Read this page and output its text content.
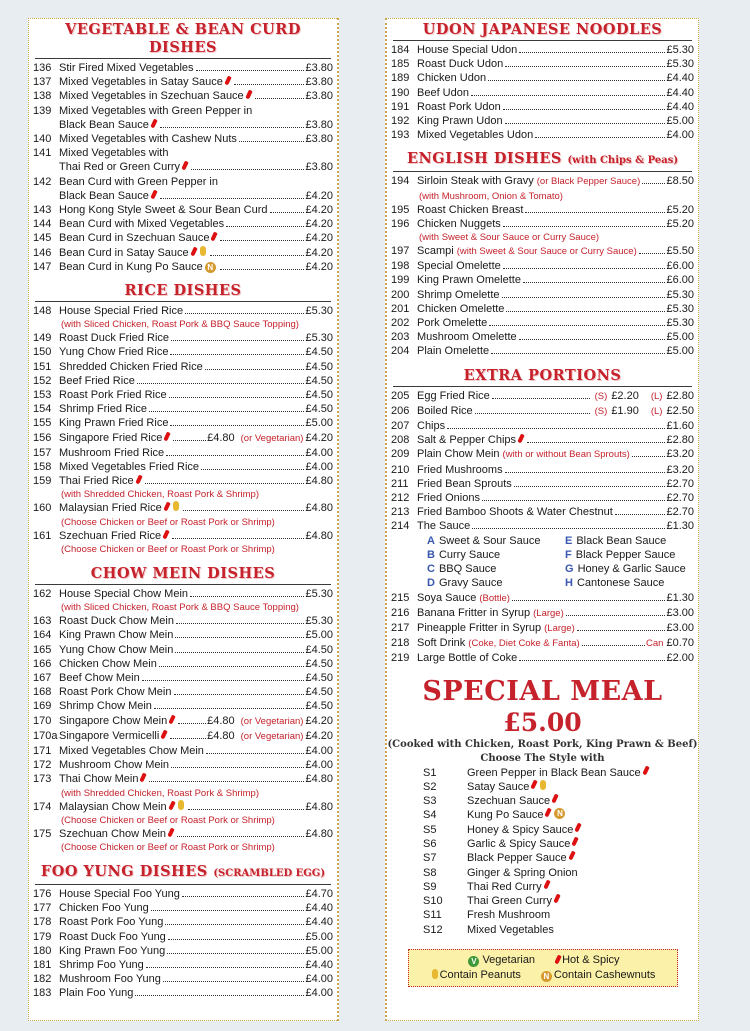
VEGETABLE & BEAN CURD DISHES
136 Stir Fired Mixed Vegetables	£3.80
137 Mixed Vegetables in Satay Sauce	£3.80
138 Mixed Vegetables in Szechuan Sauce	£3.80
139 Mixed Vegetables with Green Pepper in
Black Bean Sauce	£3.80
140 Mixed Vegetables with Cashew Nuts	£3.80
141 Mixed Vegetables with
Thai Red or Green Curry	£3.80
142 Bean Curd with Green Pepper in
Black Bean Sauce	£4.20
143 Hong Kong Style Sweet & Sour Bean Curd	£4.20
144 Bean Curd with Mixed Vegetables	£4.20
145 Bean Curd in Szechuan Sauce	£4.20
146 Bean Curd in Satay Sauce	£4.20
147 Bean Curd in Kung Po Sauce N	£4.20
RICE DISHES
148 House Special Fried Rice	£5.30
(with Sliced Chicken, Roast Pork & BBQ Sauce Topping)
149 Roast Duck Fried Rice	£5.30
150 Yung Chow Fried Rice	£4.50
151 Shredded Chicken Fried Rice	£4.50
152 Beef Fried Rice	£4.50
153 Roast Pork Fried Rice	£4.50
154 Shrimp Fried Rice	£4.50
155 King Prawn Fried Rice	£5.00
156 Singapore Fried Rice	£4.80 (or Vegetarian) £4.20
157 Mushroom Fried Rice	£4.00
158 Mixed Vegetables Fried Rice	£4.00
159 Thai Fried Rice	£4.80
(with Shredded Chicken, Roast Pork & Shrimp)
160 Malaysian Fried Rice	£4.80
(Choose Chicken or Beef or Roast Pork or Shrimp)
161 Szechuan Fried Rice	£4.80
(Choose Chicken or Beef or Roast Pork or Shrimp)
CHOW MEIN DISHES
162 House Special Chow Mein	£5.30
(with Sliced Chicken, Roast Pork & BBQ Sauce Topping)
163 Roast Duck Chow Mein	£5.30
164 King Prawn Chow Mein	£5.00
165 Yung Chow Chow Mein	£4.50
166 Chicken Chow Mein	£4.50
167 Beef Chow Mein	£4.50
168 Roast Pork Chow Mein	£4.50
169 Shrimp Chow Mein	£4.50
170 Singapore Chow Mein	£4.80 (or Vegetarian) £4.20
170a Singapore Vermicelli	£4.80 (or Vegetarian) £4.20
171 Mixed Vegetables Chow Mein	£4.00
172 Mushroom Chow Mein	£4.00
173 Thai Chow Mein	£4.80
(with Shredded Chicken, Roast Pork & Shrimp)
174 Malaysian Chow Mein	£4.80
(Choose Chicken or Beef or Roast Pork or Shrimp)
175 Szechuan Chow Mein	£4.80
(Choose Chicken or Beef or Roast Pork or Shrimp)
FOO YUNG DISHES (SCRAMBLED EGG)
176 House Special Foo Yung	£4.70
177 Chicken Foo Yung	£4.40
178 Roast Pork Foo Yung	£4.40
179 Roast Duck Foo Yung	£5.00
180 King Prawn Foo Yung	£5.00
181 Shrimp Foo Yung	£4.40
182 Mushroom Foo Yung	£4.00
183 Plain Foo Yung	£4.00
UDON JAPANESE NOODLES
184 House Special Udon	£5.30
185 Roast Duck Udon	£5.30
189 Chicken Udon	£4.40
190 Beef Udon	£4.40
191 Roast Pork Udon	£4.40
192 King Prawn Udon	£5.00
193 Mixed Vegetables Udon	£4.00
ENGLISH DISHES (with Chips & Peas)
194 Sirloin Steak with Gravy (or Black Pepper Sauce) £8.50
(with Mushroom, Onion & Tomato)
195 Roast Chicken Breast	£5.20
196 Chicken Nuggets	£5.20
(with Sweet & Sour Sauce or Curry Sauce)
197 Scampi (with Sweet & Sour Sauce or Curry Sauce)	£5.50
198 Special Omelette	£6.00
199 King Prawn Omelette	£6.00
200 Shrimp Omelette	£5.30
201 Chicken Omelette	£5.30
202 Pork Omelette	£5.30
203 Mushroom Omelette	£5.00
204 Plain Omelette	£5.00
EXTRA PORTIONS
205 Egg Fried Rice	(S) £2.20 (L) £2.80
206 Boiled Rice	(S) £1.90 (L) £2.50
207 Chips	£1.60
208 Salt & Pepper Chips	£2.80
209 Plain Chow Mein (with or without Bean Sprouts)	£3.20
210 Fried Mushrooms	£3.20
211 Fried Bean Sprouts	£2.70
212 Fried Onions	£2.70
213 Fried Bamboo Shoots & Water Chestnut	£2.70
214 The Sauce	£1.30
A Sweet & Sour Sauce	E Black Bean Sauce
B Curry Sauce	F Black Pepper Sauce
C BBQ Sauce	G Honey & Garlic Sauce
D Gravy Sauce	H Cantonese Sauce
215 Soya Sauce (Bottle)	£1.30
216 Banana Fritter in Syrup (Large)	£3.00
217 Pineapple Fritter in Syrup (Large)	£3.00
218 Soft Drink (Coke, Diet Coke & Fanta)	Can £0.70
219 Large Bottle of Coke	£2.00
SPECIAL MEAL
£5.00
(Cooked with Chicken, Roast Pork, King Prawn & Beef)
Choose The Style with
S1	Green Pepper in Black Bean Sauce
S2	Satay Sauce
S3	Szechuan Sauce
S4	Kung Po Sauce	N
S5	Honey & Spicy Sauce
S6	Garlic & Spicy Sauce
S7	Black Pepper Sauce
S8	Ginger & Spring Onion
S9	Thai Red Curry
S10	Thai Green Curry
S11	Fresh Mushroom
S12	Mixed Vegetables
V Vegetarian	Hot & Spicy
Contain Peanuts	N Contain Cashewnuts
